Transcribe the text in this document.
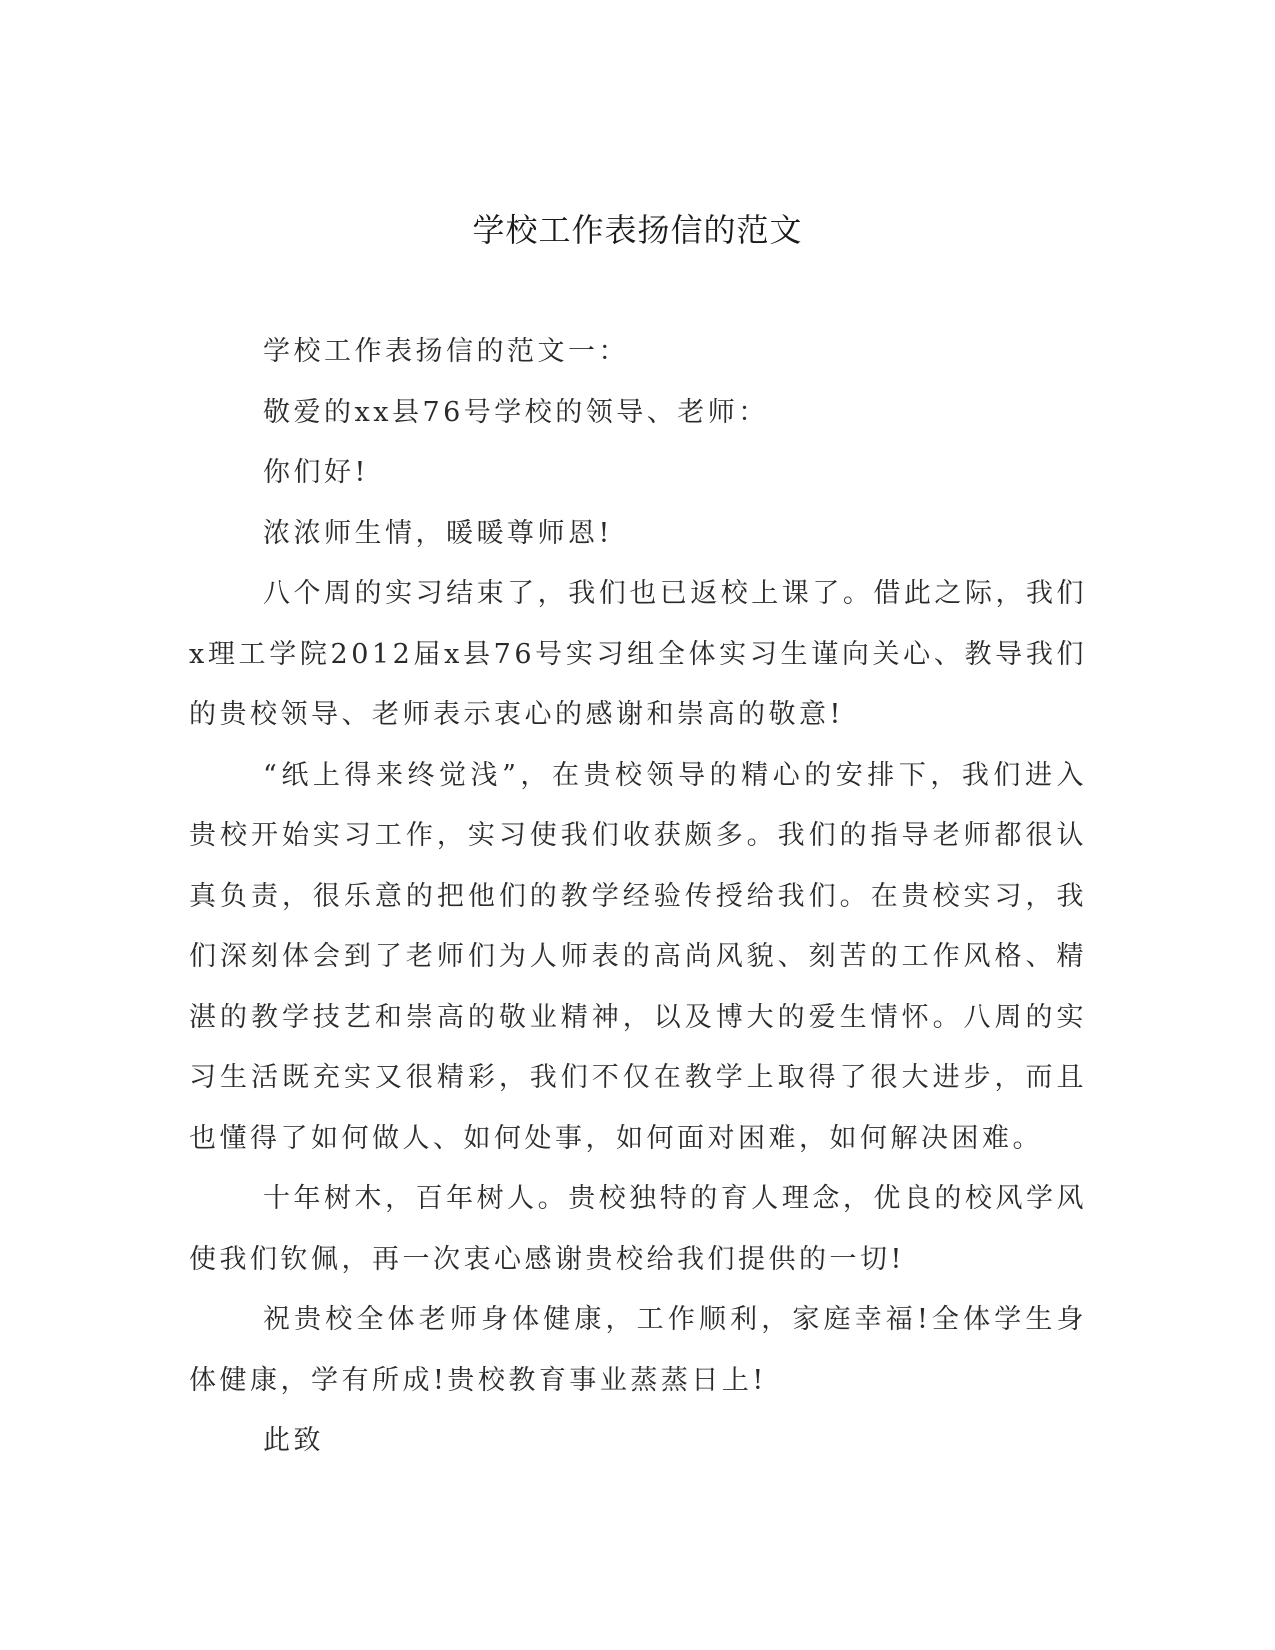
学校工作表扬信的范文

学校工作表扬信的范文一：

敬爱的xx县76号学校的领导、老师：

你们好!

浓浓师生情，暖暖尊师恩!

八个周的实习结束了，我们也已返校上课了。借此之际，我们x理工学院2012届x县76号实习组全体实习生谨向关心、教导我们的贵校领导、老师表示衷心的感谢和崇高的敬意!

“纸上得来终觉浅”，在贵校领导的精心的安排下，我们进入贵校开始实习工作，实习使我们收获颇多。我们的指导老师都很认真负责，很乐意的把他们的教学经验传授给我们。在贵校实习，我们深刻体会到了老师们为人师表的高尚风貌、刻苦的工作风格、精湛的教学技艺和崇高的敬业精神，以及博大的爱生情怀。八周的实习生活既充实又很精彩，我们不仅在教学上取得了很大进步，而且也懂得了如何做人、如何处事，如何面对困难，如何解决困难。

十年树木，百年树人。贵校独特的育人理念，优良的校风学风使我们钦佩，再一次衷心感谢贵校给我们提供的一切!

祝贵校全体老师身体健康，工作顺利，家庭幸福!全体学生身体健康，学有所成!贵校教育事业蒸蒸日上!

此致
